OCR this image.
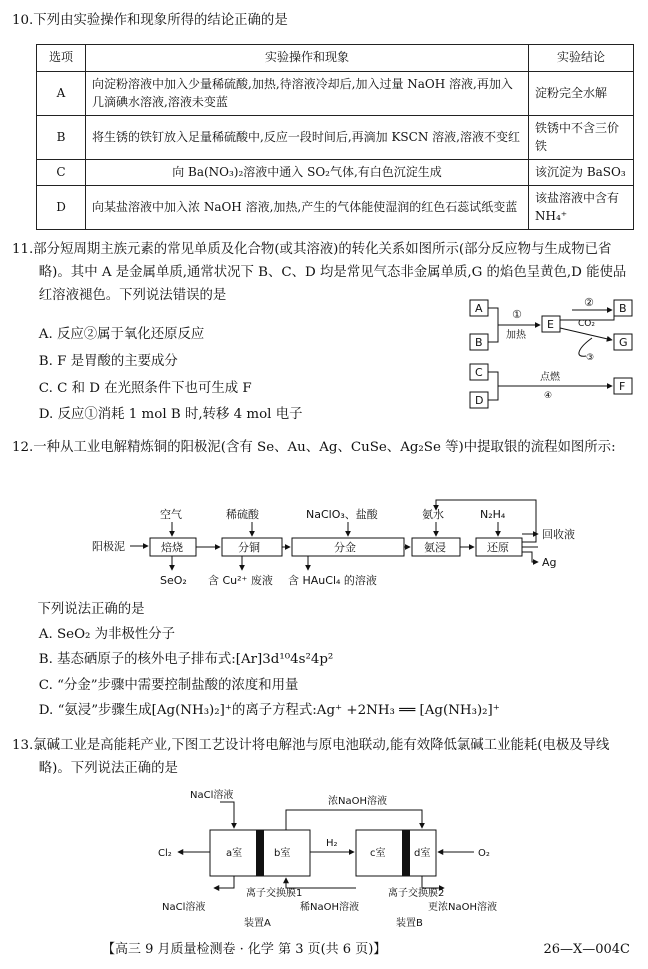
10.下列由实验操作和现象所得的结论正确的是

选项	实验操作和现象	实验结论
A	向淀粉溶液中加入少量稀硫酸,加热,待溶液冷却后,加入过量 NaOH 溶液,再加入几滴碘水溶液,溶液未变蓝	淀粉完全水解
B	将生锈的铁钉放入足量稀硫酸中,反应一段时间后,再滴加 KSCN 溶液,溶液不变红	铁锈中不含三价铁
C	向 Ba(NO₃)₂溶液中通入 SO₂气体,有白色沉淀生成	该沉淀为 BaSO₃
D	向某盐溶液中加入浓 NaOH 溶液,加热,产生的气体能使湿润的红色石蕊试纸变蓝	该盐溶液中含有NH₄⁺

11.部分短周期主族元素的常见单质及化合物(或其溶液)的转化关系如图所示(部分反应物与生成物已省略)。其中 A 是金属单质,通常状况下 B、C、D 均是常见气态非金属单质,G 的焰色呈黄色,D 能使品红溶液褪色。下列说法错误的是

A. 反应②属于氧化还原反应

B. F 是胃酸的主要成分

C. C 和 D 在光照条件下也可生成 F

D. 反应①消耗 1 mol B 时,转移 4 mol 电子

A
B
①
加热
E
② B
CO₂
③
G
C
D
点燃
④
F

12.一种从工业电解精炼铜的阳极泥(含有 Se、Au、Ag、CuSe、Ag₂Se 等)中提取银的流程如图所示:

阳极泥	焙烧	分铜	分金	氨浸	还原
空气	稀硫酸	NaClO₃、盐酸	氨水	N₂H₄
回收液
Ag
SeO₂ 含 Cu²⁺ 废液 含 HAuCl₄ 的溶液

下列说法正确的是

A. SeO₂ 为非极性分子

B. 基态硒原子的核外电子排布式:[Ar]3d¹⁰4s²4p²

C. “分金”步骤中需要控制盐酸的浓度和用量

D. “氨浸”步骤生成[Ag(NH₃)₂]⁺的离子方程式:Ag⁺ +2NH₃ ══ [Ag(NH₃)₂]⁺

13.氯碱工业是高能耗产业,下图工艺设计将电解池与原电池联动,能有效降低氯碱工业能耗(电极及导线略)。下列说法正确的是

a室	b室	c室	d室
NaCl溶液
浓NaOH溶液
Cl₂
H₂
O₂
NaCl溶液
离子交换膜1
稀NaOH溶液
离子交换膜2
更浓NaOH溶液
装置A	装置B
【高三 9 月质量检测卷 · 化学 第 3 页(共 6 页)】	26—X—004C
